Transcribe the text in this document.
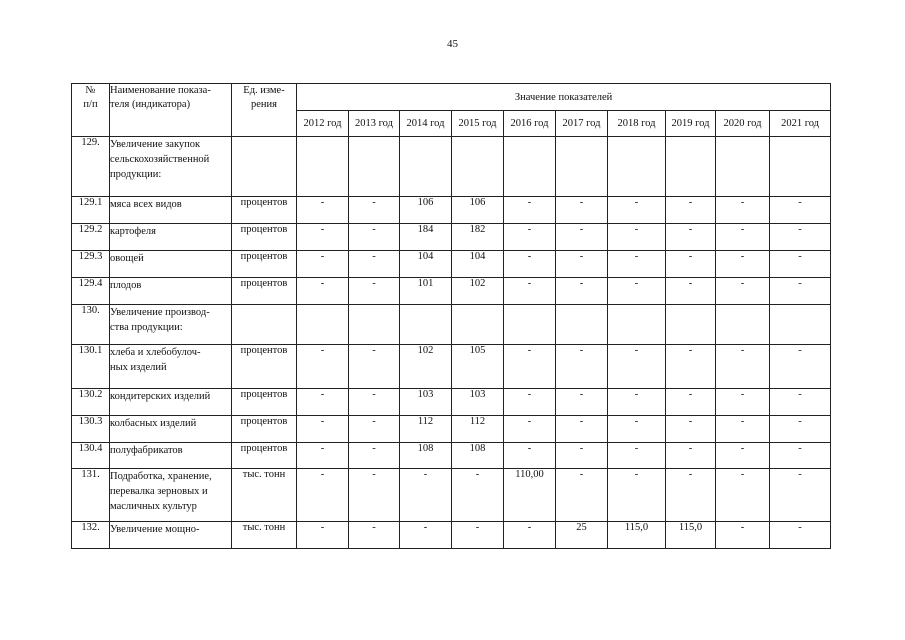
45
№
п/п	Наименование показа-
теля (индикатора)	Ед. изме-
рения	Значение показателей									
			2012 год	2013 год	2014 год	2015 год	2016 год	2017 год	2018 год	2019 год	2020 год	2021 год
129.	Увеличение закупок
сельскохозяйственной
продукции:											
129.1	мяса всех видов	процентов	-	-	106	106	-	-	-	-	-	-
129.2	картофеля	процентов	-	-	184	182	-	-	-	-	-	-
129.3	овощей	процентов	-	-	104	104	-	-	-	-	-	-
129.4	плодов	процентов	-	-	101	102	-	-	-	-	-	-
130.	Увеличение производ-
ства продукции:											
130.1	хлеба и хлебобулоч-
ных изделий	процентов	-	-	102	105	-	-	-	-	-	-
130.2	кондитерских изделий	процентов	-	-	103	103	-	-	-	-	-	-
130.3	колбасных изделий	процентов	-	-	112	112	-	-	-	-	-	-
130.4	полуфабрикатов	процентов	-	-	108	108	-	-	-	-	-	-
131.	Подработка, хранение,
перевалка зерновых и
масличных культур	тыс. тонн	-	-	-	-	110,00	-	-	-	-	-
132.	Увеличение мощно-	тыс. тонн	-	-	-	-	-	25	115,0	115,0	-	-
